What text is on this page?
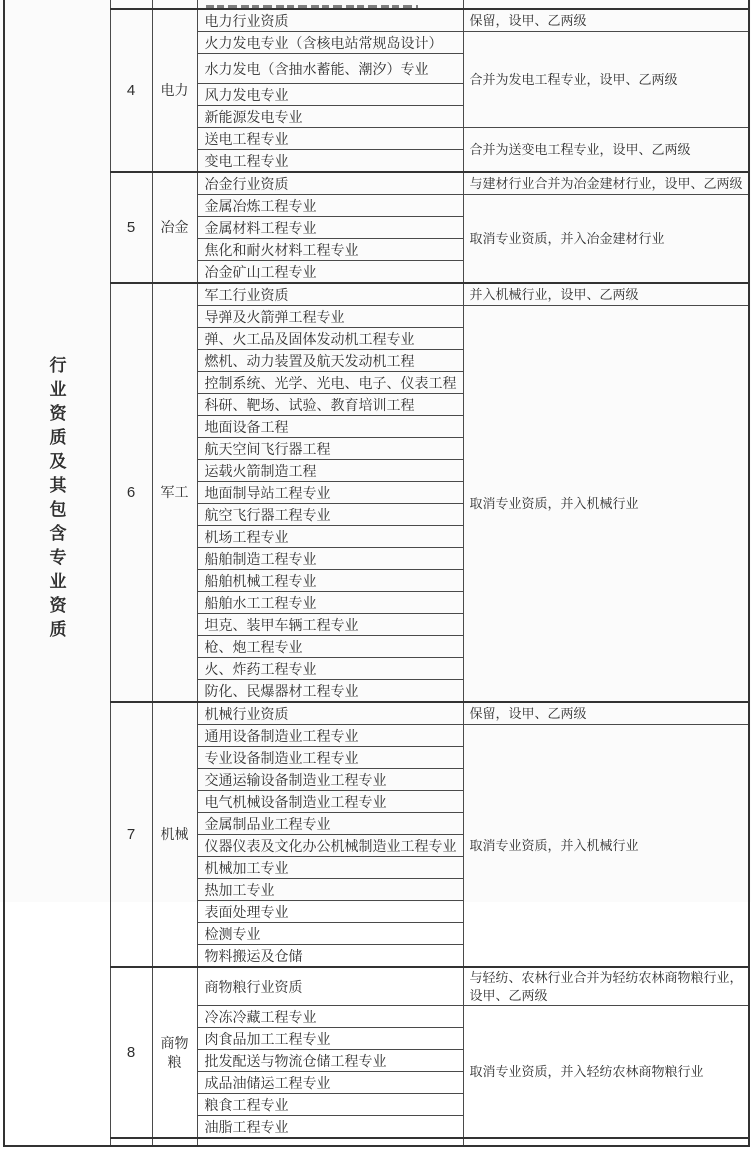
行业资质及其包含专业资质

	4	电力	电力行业资质	保留，设甲、乙两级
			火力发电专业（含核电站常规岛设计）	合并为发电工程专业，设甲、乙两级
			水力发电（含抽水蓄能、潮汐）专业	
			风力发电专业	
			新能源发电专业	
			送电工程专业	合并为送变电工程专业，设甲、乙两级
			变电工程专业	
	5	冶金	冶金行业资质	与建材行业合并为冶金建材行业，设甲、乙两级
			金属冶炼工程专业	取消专业资质，并入冶金建材行业
			金属材料工程专业	
			焦化和耐火材料工程专业	
			冶金矿山工程专业	
	6	军工	军工行业资质	并入机械行业，设甲、乙两级
			导弹及火箭弹工程专业	取消专业资质，并入机械行业
			弹、火工品及固体发动机工程专业	
			燃机、动力装置及航天发动机工程	
			控制系统、光学、光电、电子、仪表工程	
			科研、靶场、试验、教育培训工程	
			地面设备工程	
			航天空间飞行器工程	
			运载火箭制造工程	
			地面制导站工程专业	
			航空飞行器工程专业	
			机场工程专业	
			船舶制造工程专业	
			船舶机械工程专业	
			船舶水工工程专业	
			坦克、装甲车辆工程专业	
			枪、炮工程专业	
			火、炸药工程专业	
			防化、民爆器材工程专业	
	7	机械	机械行业资质	保留，设甲、乙两级
			通用设备制造业工程专业	取消专业资质，并入机械行业
			专业设备制造业工程专业	
			交通运输设备制造业工程专业	
			电气机械设备制造业工程专业	
			金属制品业工程专业	
			仪器仪表及文化办公机械制造业工程专业	
			机械加工专业	
			热加工专业	
			表面处理专业	
			检测专业	
			物料搬运及仓储	
	8	商物粮	商物粮行业资质	与轻纺、农林行业合并为轻纺农林商物粮行业，设甲、乙两级
			冷冻冷藏工程专业	取消专业资质，并入轻纺农林商物粮行业
			肉食品加工工程专业	
			批发配送与物流仓储工程专业	
			成品油储运工程专业	
			粮食工程专业	
			油脂工程专业	
